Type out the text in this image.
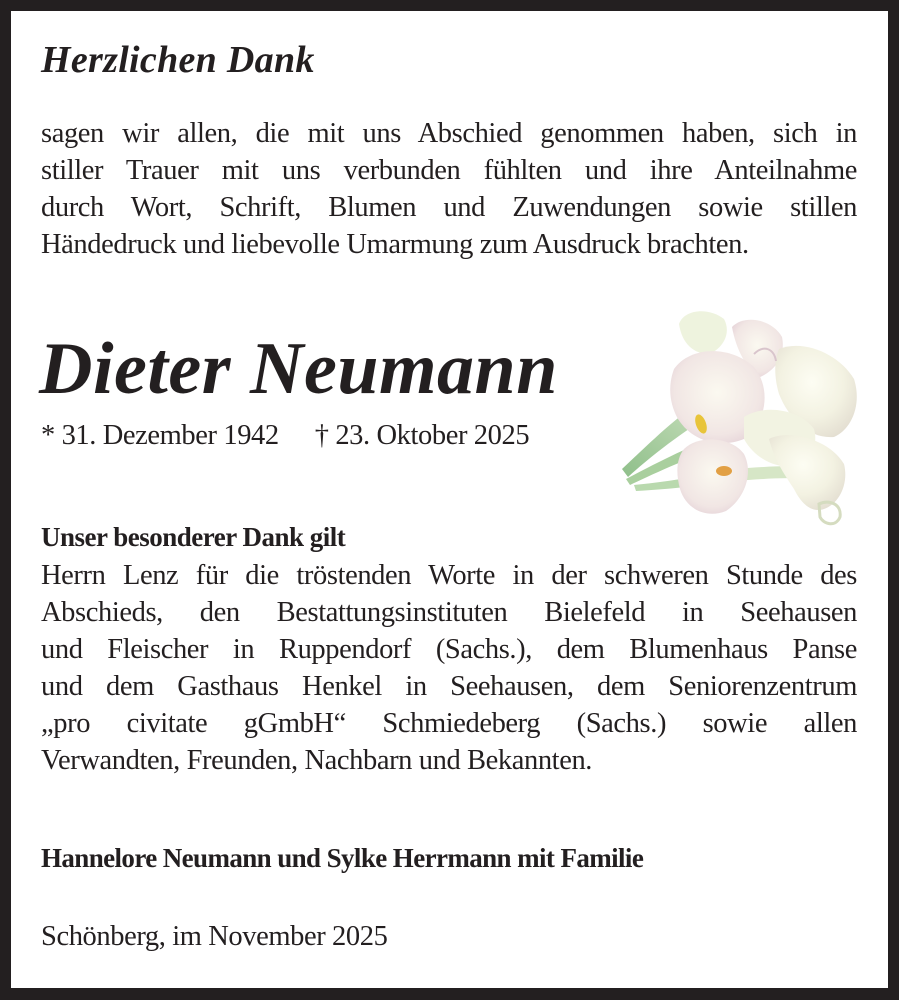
Herzlichen Dank
sagen wir allen, die mit uns Abschied genommen haben, sich in
stiller Trauer mit uns verbunden fühlten und ihre Anteilnahme
durch Wort, Schrift, Blumen und Zuwendungen sowie stillen
Händedruck und liebevolle Umarmung zum Ausdruck brachten.
Dieter Neumann
* 31. Dezember 1942 † 23. Oktober 2025
Unser besonderer Dank gilt
Herrn Lenz für die tröstenden Worte in der schweren Stunde des
Abschieds, den Bestattungsinstituten Bielefeld in Seehausen
und Fleischer in Ruppendorf (Sachs.), dem Blumenhaus Panse
und dem Gasthaus Henkel in Seehausen, dem Seniorenzentrum
„pro civitate gGmbH“ Schmiedeberg (Sachs.) sowie allen
Verwandten, Freunden, Nachbarn und Bekannten.
Hannelore Neumann und Sylke Herrmann mit Familie
Schönberg, im November 2025
